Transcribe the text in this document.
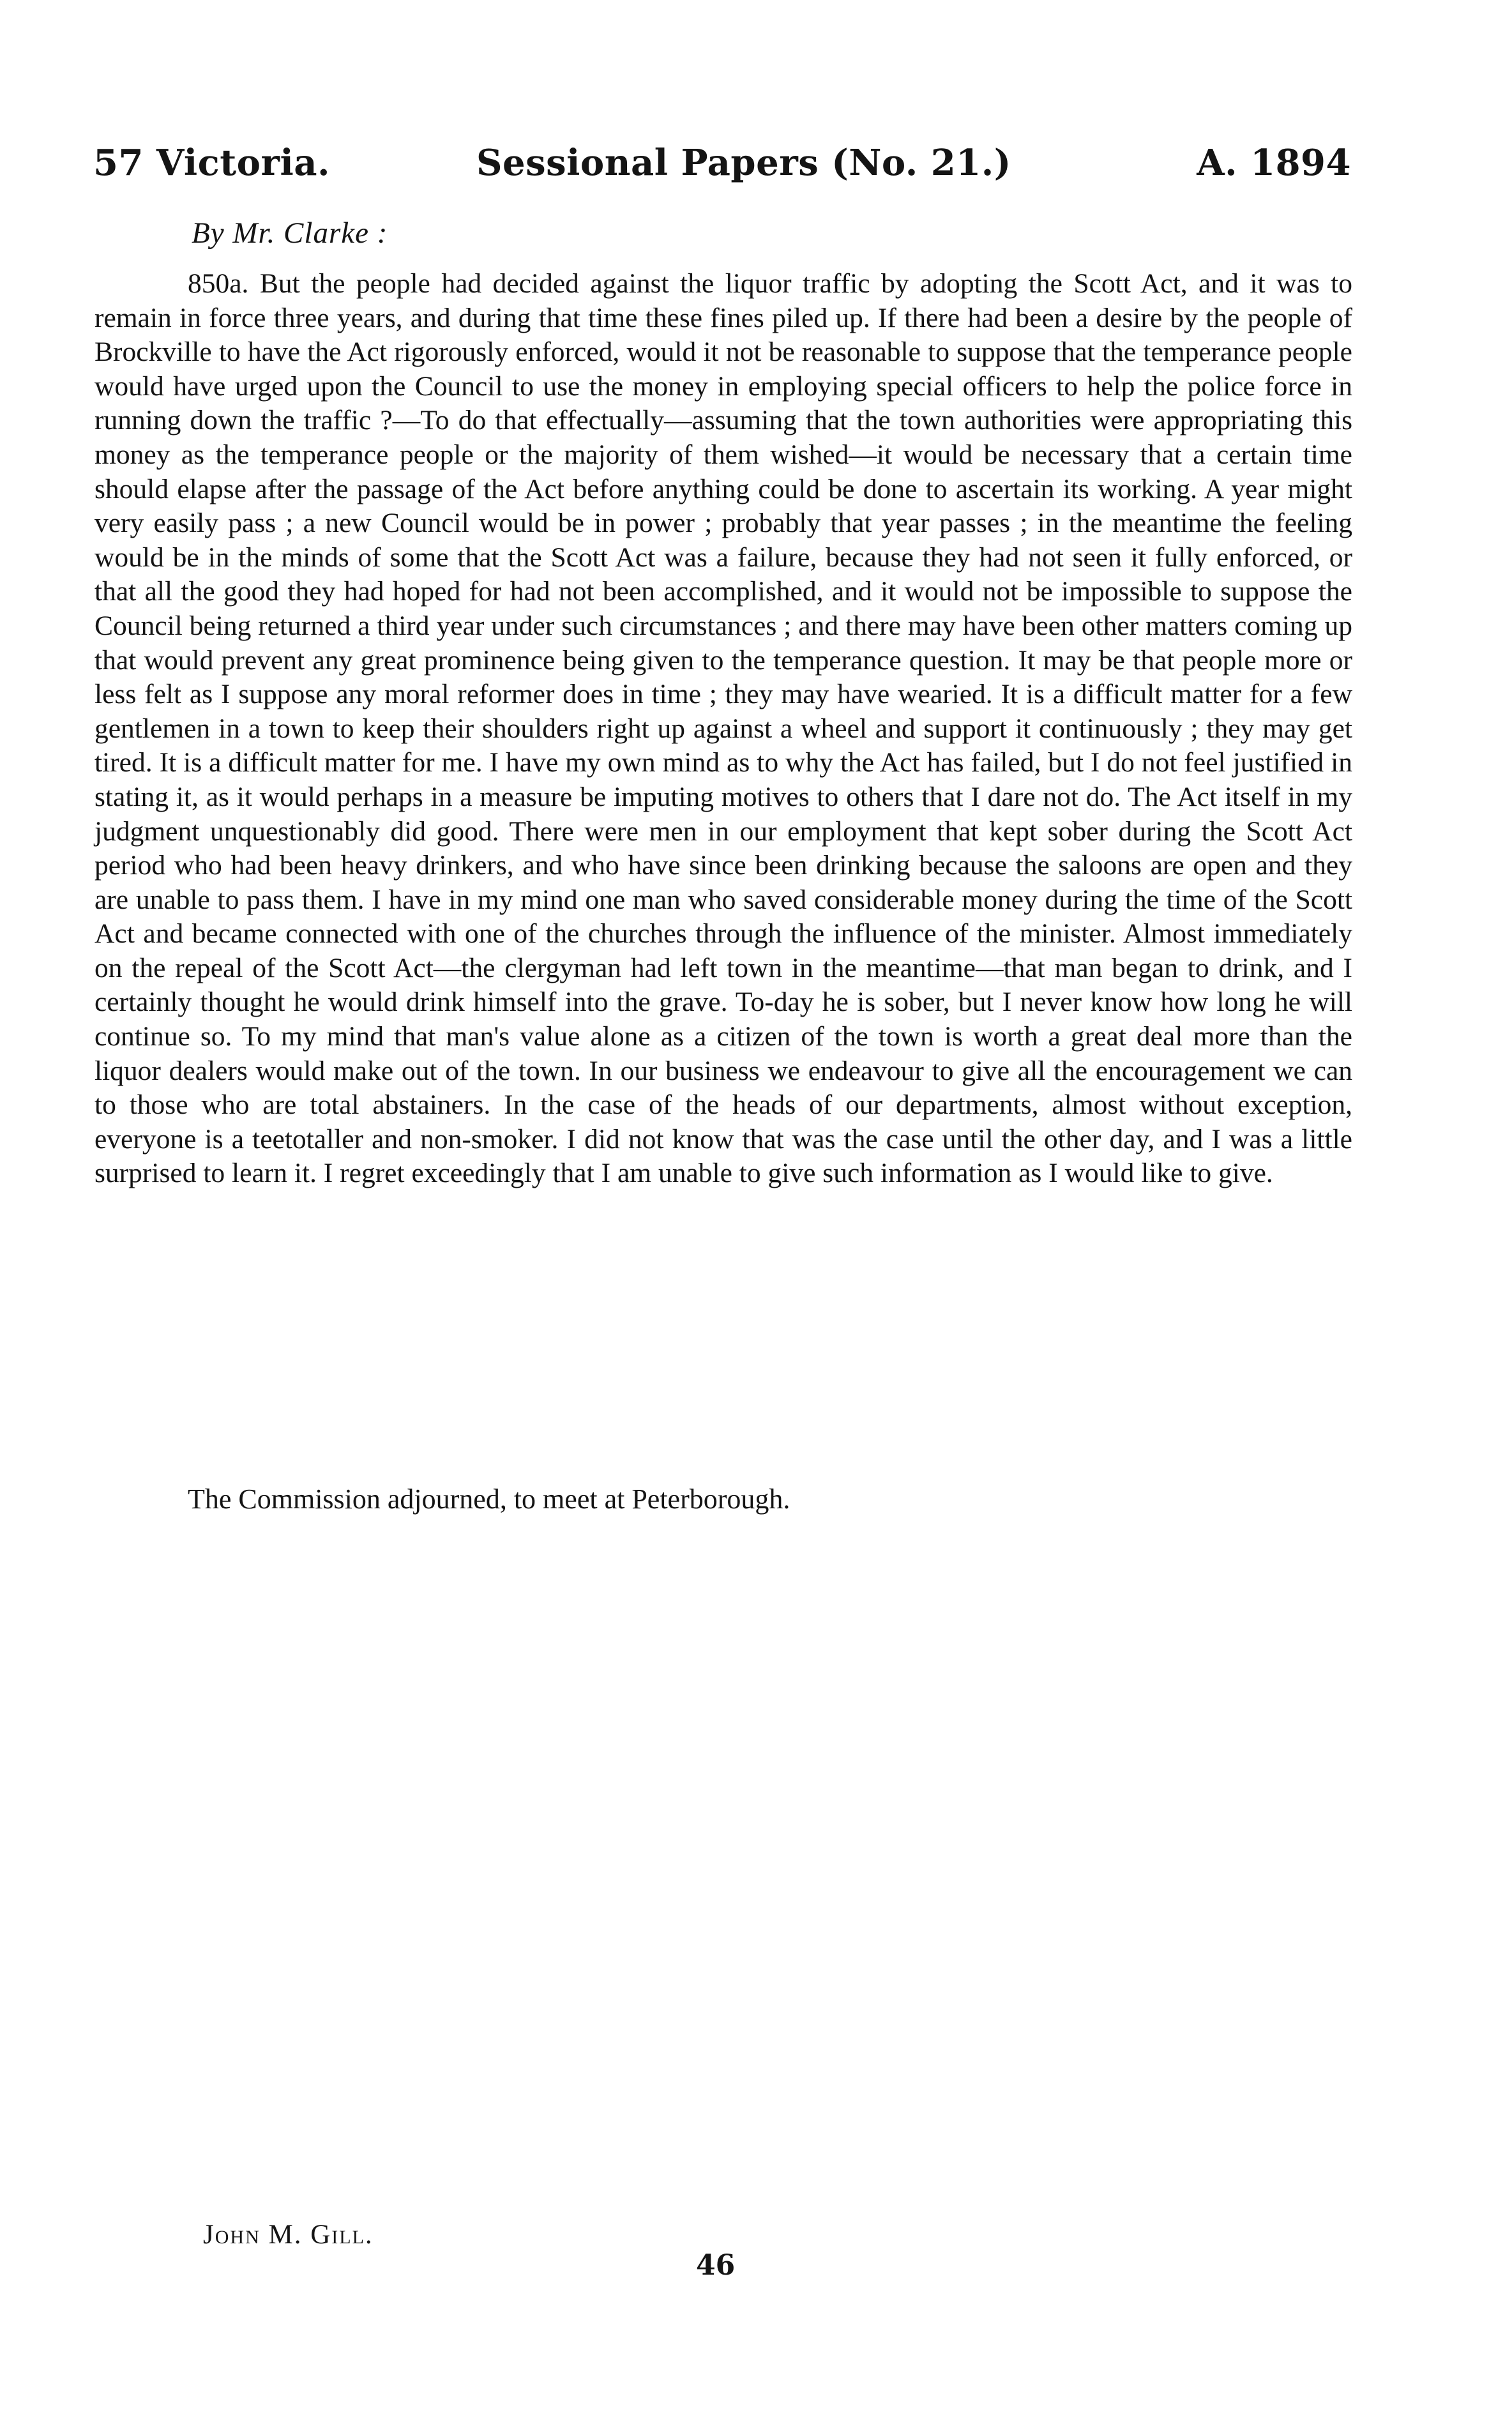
57 Victoria.	Sessional Papers (No. 21.)	A. 1894
By Mr. Clarke :

850a. But the people had decided against the liquor traffic by adopting the Scott Act, and it was to remain in force three years, and during that time these fines piled up. If there had been a desire by the people of Brockville to have the Act rigorously enforced, would it not be reasonable to suppose that the temperance people would have urged upon the Council to use the money in employing special officers to help the police force in running down the traffic ?—To do that effectually—assuming that the town authorities were appropriating this money as the temperance people or the majority of them wished—it would be necessary that a certain time should elapse after the passage of the Act before anything could be done to ascertain its working. A year might very easily pass ; a new Council would be in power ; probably that year passes ; in the meantime the feeling would be in the minds of some that the Scott Act was a failure, because they had not seen it fully enforced, or that all the good they had hoped for had not been accomplished, and it would not be impossible to suppose the Council being returned a third year under such circumstances ; and there may have been other matters coming up that would prevent any great prominence being given to the temperance question. It may be that people more or less felt as I suppose any moral reformer does in time ; they may have wearied. It is a difficult matter for a few gentlemen in a town to keep their shoulders right up against a wheel and support it continuously ; they may get tired. It is a difficult matter for me. I have my own mind as to why the Act has failed, but I do not feel justified in stating it, as it would perhaps in a measure be imputing motives to others that I dare not do. The Act itself in my judgment unquestionably did good. There were men in our employment that kept sober during the Scott Act period who had been heavy drinkers, and who have since been drinking because the saloons are open and they are unable to pass them. I have in my mind one man who saved considerable money during the time of the Scott Act and became connected with one of the churches through the influence of the minister. Almost immediately on the repeal of the Scott Act—the clergyman had left town in the meantime—that man began to drink, and I certainly thought he would drink himself into the grave. To-day he is sober, but I never know how long he will continue so. To my mind that man's value alone as a citizen of the town is worth a great deal more than the liquor dealers would make out of the town. In our business we endeavour to give all the encouragement we can to those who are total abstainers. In the case of the heads of our departments, almost without exception, everyone is a teetotaller and non-smoker. I did not know that was the case until the other day, and I was a little surprised to learn it. I regret exceedingly that I am unable to give such information as I would like to give.

The Commission adjourned, to meet at Peterborough.

John M. Gill.
46
